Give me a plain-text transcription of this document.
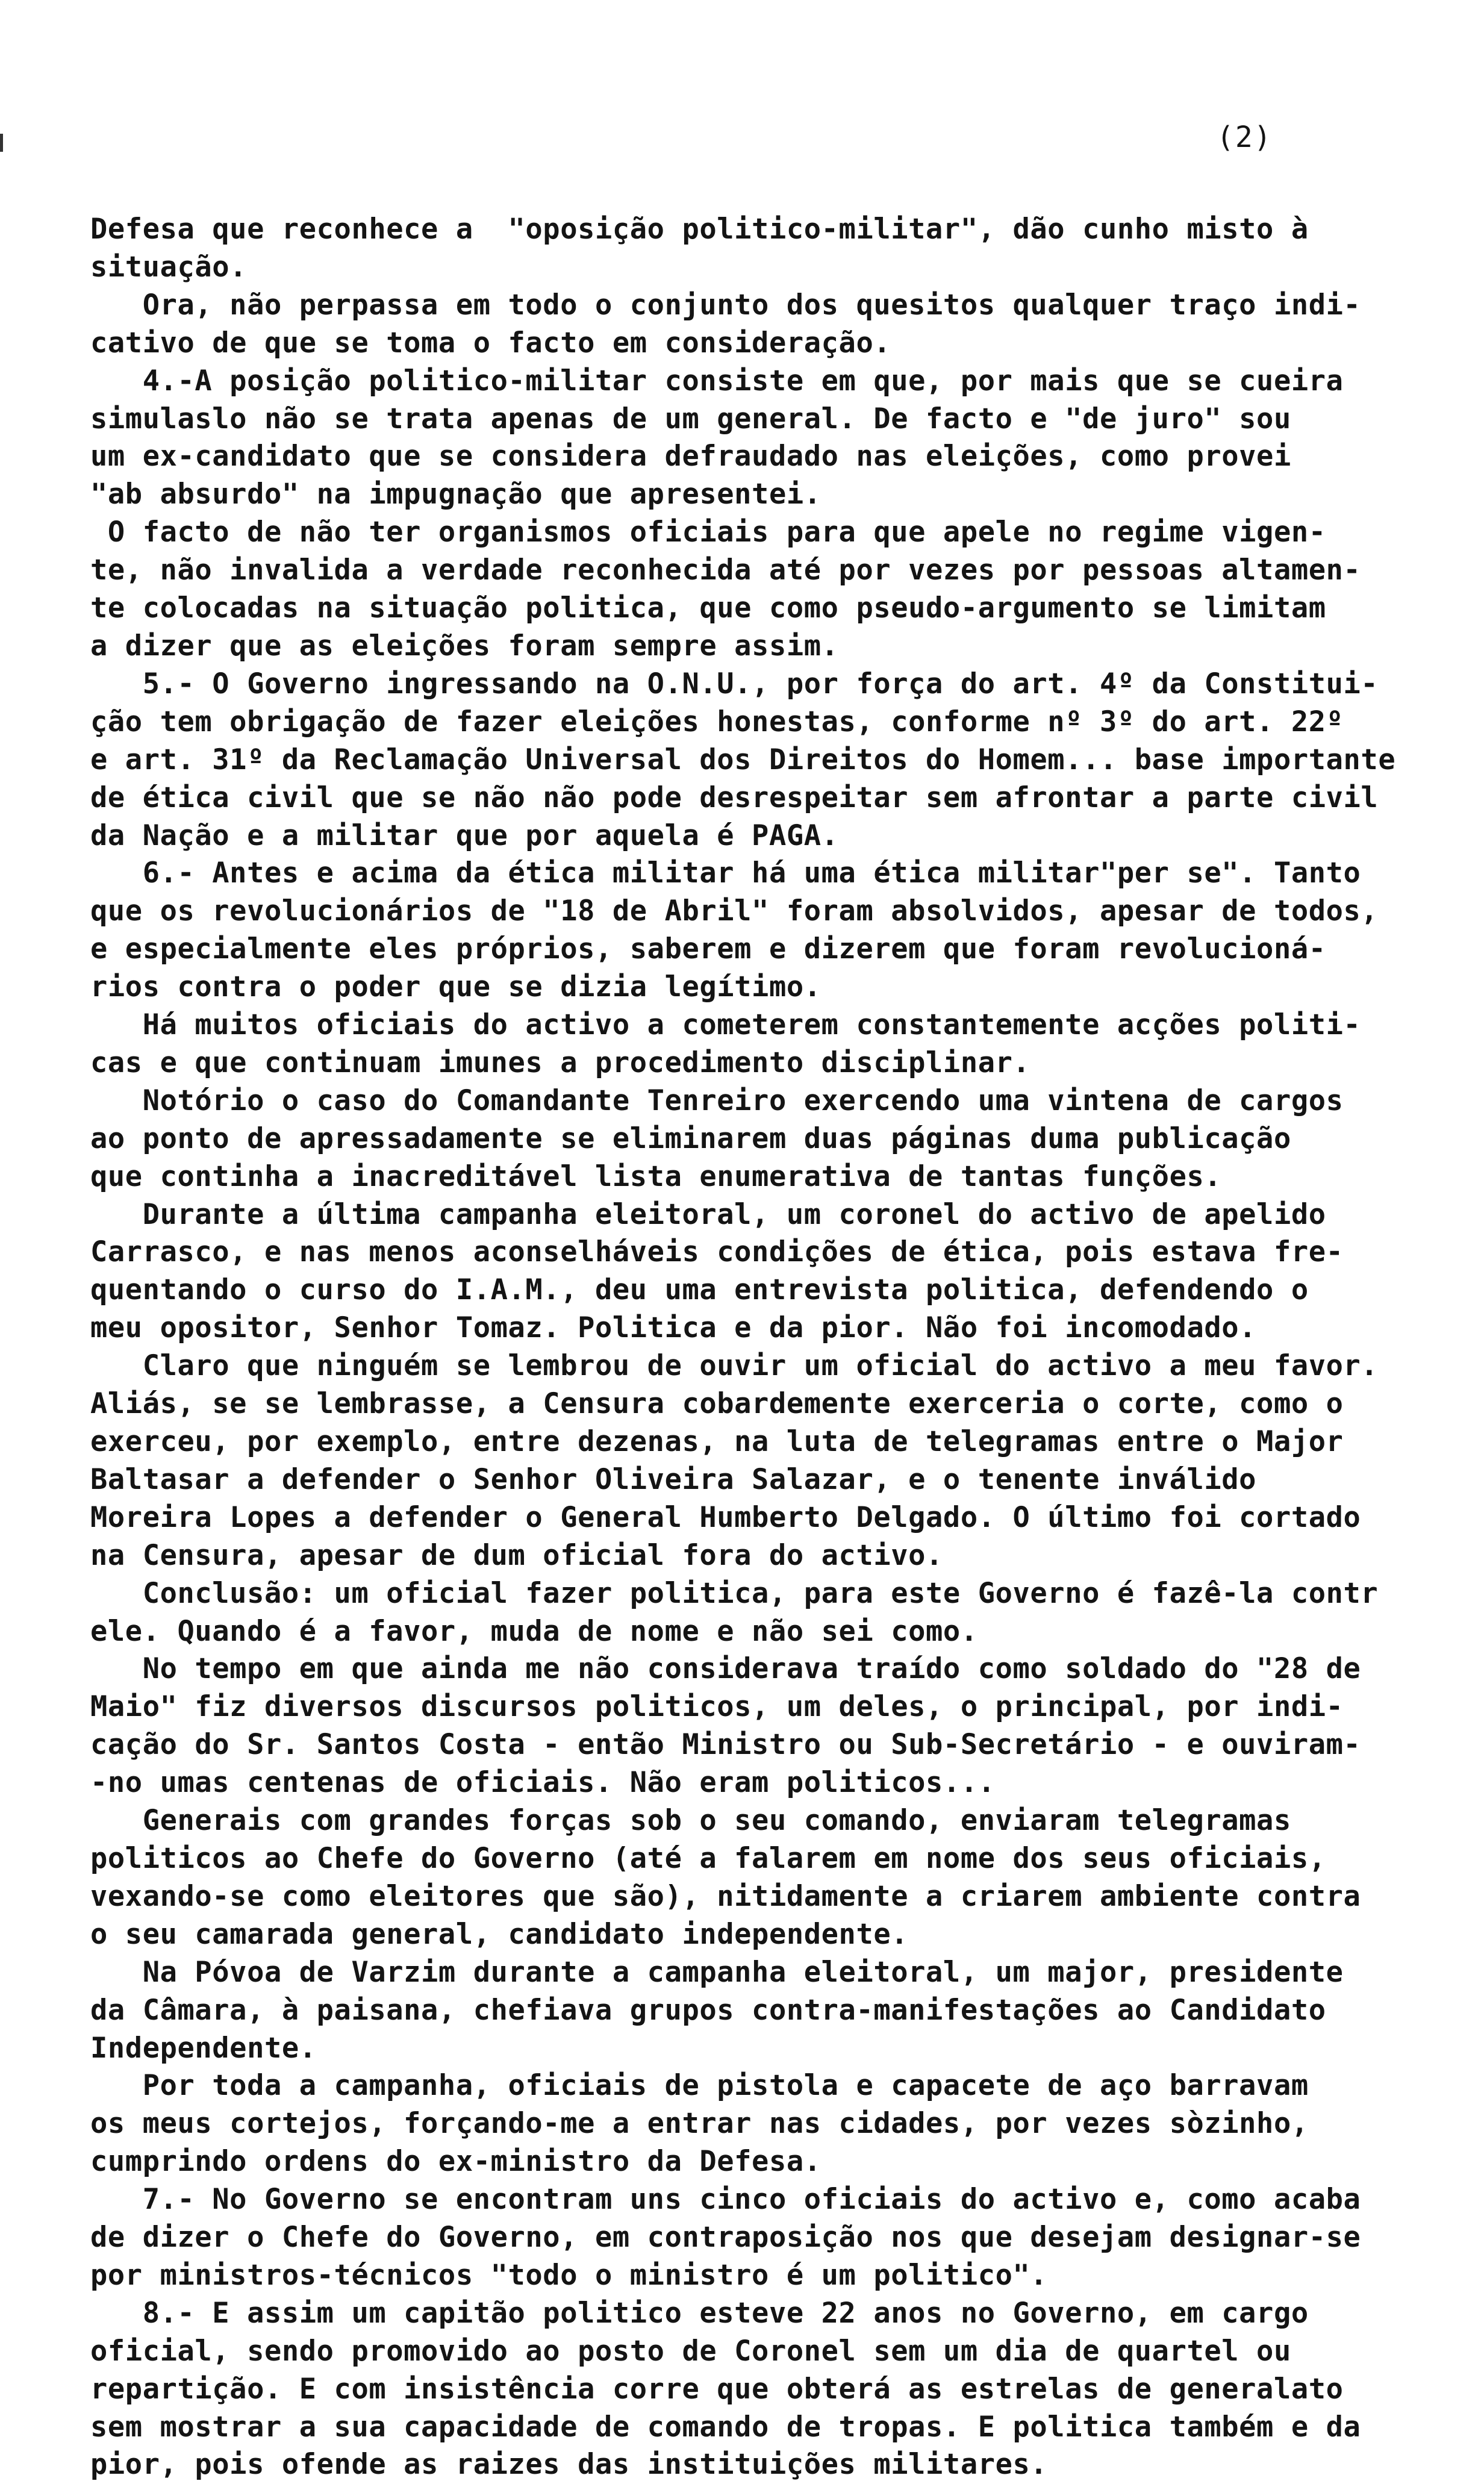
(2)
Defesa que reconhece a  "oposição politico-militar", dão cunho misto à
situação.
Ora, não perpassa em todo o conjunto dos quesitos qualquer traço indi-
cativo de que se toma o facto em consideração.
4.-A posição politico-militar consiste em que, por mais que se cueira
simulaslo não se trata apenas de um general. De facto e "de juro" sou
um ex-candidato que se considera defraudado nas eleições, como provei
"ab absurdo" na impugnação que apresentei.
O facto de não ter organismos oficiais para que apele no regime vigen-
te, não invalida a verdade reconhecida até por vezes por pessoas altamen-
te colocadas na situação politica, que como pseudo-argumento se limitam
a dizer que as eleições foram sempre assim.
5.- O Governo ingressando na O.N.U., por força do art. 4º da Constitui-
ção tem obrigação de fazer eleições honestas, conforme nº 3º do art. 22º
e art. 31º da Reclamação Universal dos Direitos do Homem... base importante
de ética civil que se não não pode desrespeitar sem afrontar a parte civil
da Nação e a militar que por aquela é PAGA.
6.- Antes e acima da ética militar há uma ética militar"per se". Tanto
que os revolucionários de "18 de Abril" foram absolvidos, apesar de todos,
e especialmente eles próprios, saberem e dizerem que foram revolucioná-
rios contra o poder que se dizia legítimo.
Há muitos oficiais do activo a cometerem constantemente acções politi-
cas e que continuam imunes a procedimento disciplinar.
Notório o caso do Comandante Tenreiro exercendo uma vintena de cargos
ao ponto de apressadamente se eliminarem duas páginas duma publicação
que continha a inacreditável lista enumerativa de tantas funções.
Durante a última campanha eleitoral, um coronel do activo de apelido
Carrasco, e nas menos aconselháveis condições de ética, pois estava fre-
quentando o curso do I.A.M., deu uma entrevista politica, defendendo o
meu opositor, Senhor Tomaz. Politica e da pior. Não foi incomodado.
Claro que ninguém se lembrou de ouvir um oficial do activo a meu favor.
Aliás, se se lembrasse, a Censura cobardemente exerceria o corte, como o
exerceu, por exemplo, entre dezenas, na luta de telegramas entre o Major
Baltasar a defender o Senhor Oliveira Salazar, e o tenente inválido
Moreira Lopes a defender o General Humberto Delgado. O último foi cortado
na Censura, apesar de dum oficial fora do activo.
Conclusão: um oficial fazer politica, para este Governo é fazê-la contr
ele. Quando é a favor, muda de nome e não sei como.
No tempo em que ainda me não considerava traído como soldado do "28 de
Maio" fiz diversos discursos politicos, um deles, o principal, por indi-
cação do Sr. Santos Costa - então Ministro ou Sub-Secretário - e ouviram-
-no umas centenas de oficiais. Não eram politicos...
Generais com grandes forças sob o seu comando, enviaram telegramas
politicos ao Chefe do Governo (até a falarem em nome dos seus oficiais,
vexando-se como eleitores que são), nitidamente a criarem ambiente contra
o seu camarada general, candidato independente.
Na Póvoa de Varzim durante a campanha eleitoral, um major, presidente
da Câmara, à paisana, chefiava grupos contra-manifestações ao Candidato
Independente.
Por toda a campanha, oficiais de pistola e capacete de aço barravam
os meus cortejos, forçando-me a entrar nas cidades, por vezes sòzinho,
cumprindo ordens do ex-ministro da Defesa.
7.- No Governo se encontram uns cinco oficiais do activo e, como acaba
de dizer o Chefe do Governo, em contraposição nos que desejam designar-se
por ministros-técnicos "todo o ministro é um politico".
8.- E assim um capitão politico esteve 22 anos no Governo, em cargo
oficial, sendo promovido ao posto de Coronel sem um dia de quartel ou
repartição. E com insistência corre que obterá as estrelas de generalato
sem mostrar a sua capacidade de comando de tropas. E politica também e da
pior, pois ofende as raizes das instituições militares.
